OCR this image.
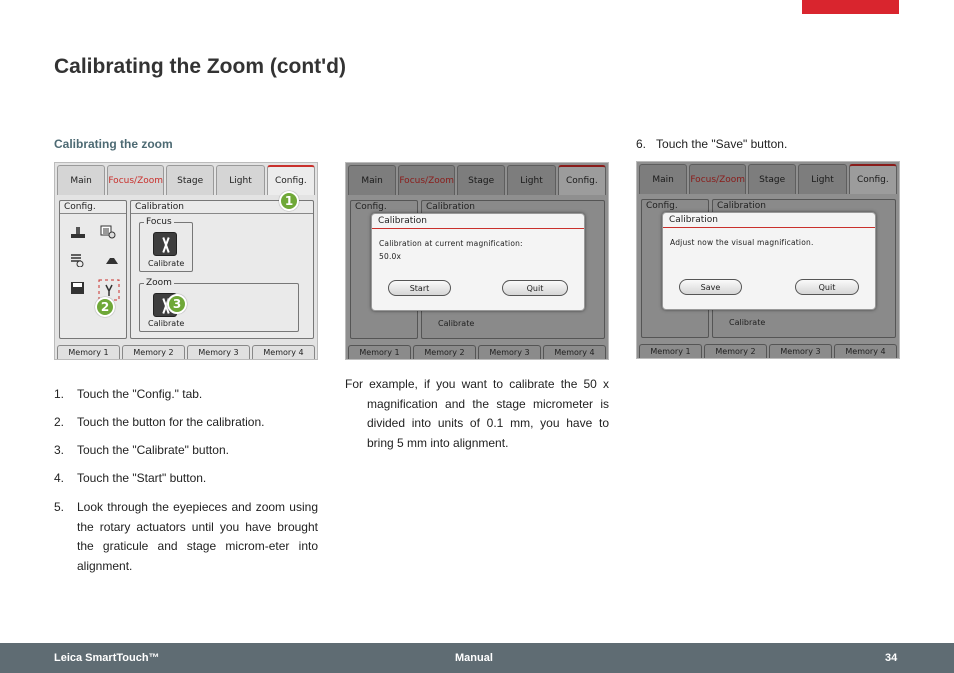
Calibrating the Zoom (cont'd)
Calibrating the zoom
Main	Focus/Zoom	Stage	Light	Config.
Config.	Calibration
Focus
Calibrate
Zoom
Calibrate
1
2	3
Memory 1	Memory 2	Memory 3	Memory 4
Main	Focus/Zoom	Stage	Light	Config.
Config.	Calibration
Calibrate
Calibration
Calibration at current magnification:
50.0x
Start	Quit
Memory 1	Memory 2	Memory 3	Memory 4
Main	Focus/Zoom	Stage	Light	Config.
Config.	Calibration
Calibrate
Calibration
Adjust now the visual magnification.
Save	Quit
Memory 1	Memory 2	Memory 3	Memory 4
1. Touch the "Config." tab.
2. Touch the button for the calibration.
3. Touch the "Calibrate" button.
4. Touch the "Start" button.
5. Look through the eyepieces and zoom using the rotary actuators until you have brought the graticule and stage microm-eter into alignment.
6. Touch the "Save" button.

For example, if you want to calibrate the 50 x magnification and the stage micrometer is divided into units of 0.1 mm, you have to bring 5 mm into alignment.

Leica SmartTouch™	Manual	34
